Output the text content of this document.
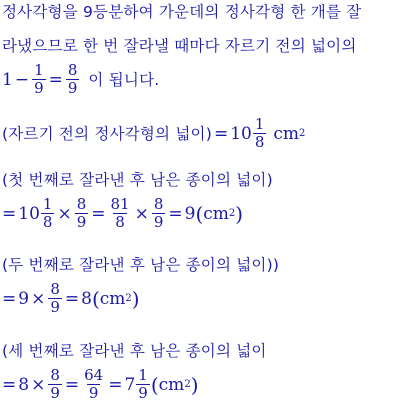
정사각형을 9등분하여 가운데의 정사각형 한 개를 잘
라냈으므로 한 번 잘라낼 때마다 자르기 전의 넓이의
$1 - \frac{1}{9} = \frac{8}{9}$ 이 됩니다.
(자르기 전의 정사각형의 넓이) = $10 \frac{1}{8}$ cm 2
(첫 번째로 잘라낸 후 남은 종이의 넓이)
= $10 \frac{1}{8} \times \frac{8}{9} = \frac{81}{8} \times \frac{8}{9} = 9$ ( cm 2 )
(두 번째로 잘라낸 후 남은 종이의 넓이))
= $9 \times \frac{8}{9} = 8$ ( cm 2 )
(세 번째로 잘라낸 후 남은 종이의 넓이
= $8 \times \frac{8}{9} = \frac{64}{9} = 7 \frac{1}{9}$ ( cm 2 )
